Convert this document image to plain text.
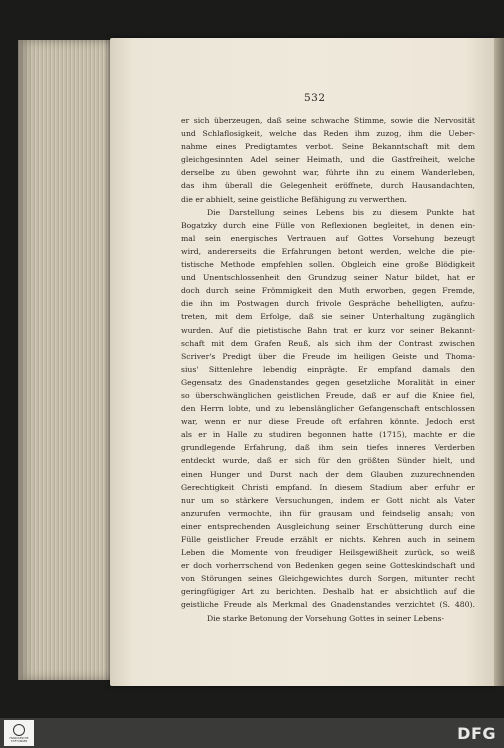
532
er sich überzeugen, daß seine schwache Stimme, sowie die Nervosität
und Schlaflosigkeit, welche das Reden ihm zuzog, ihm die Ueber-
nahme eines Predigtamtes verbot. Seine Bekanntschaft mit dem
gleichgesinnten Adel seiner Heimath, und die Gastfreiheit, welche
derselbe zu üben gewohnt war, führte ihn zu einem Wanderleben,
das ihm überall die Gelegenheit eröffnete, durch Hausandachten,
die er abhielt, seine geistliche Befähigung zu verwerthen.
Die Darstellung seines Lebens bis zu diesem Punkte hat
Bogatzky durch eine Fülle von Reflexionen begleitet, in denen ein-
mal sein energisches Vertrauen auf Gottes Vorsehung bezeugt
wird, andererseits die Erfahrungen betont werden, welche die pie-
tistische Methode empfehlen sollen. Obgleich eine große Blödigkeit
und Unentschlossenheit den Grundzug seiner Natur bildet, hat er
doch durch seine Frömmigkeit den Muth erworben, gegen Fremde,
die ihn im Postwagen durch frivole Gespräche behelligten, aufzu-
treten, mit dem Erfolge, daß sie seiner Unterhaltung zugänglich
wurden. Auf die pietistische Bahn trat er kurz vor seiner Bekannt-
schaft mit dem Grafen Reuß, als sich ihm der Contrast zwischen
Scriver's Predigt über die Freude im heiligen Geiste und Thoma-
sius' Sittenlehre lebendig einprägte. Er empfand damals den
Gegensatz des Gnadenstandes gegen gesetzliche Moralität in einer
so überschwänglichen geistlichen Freude, daß er auf die Kniee fiel,
den Herrn lobte, und zu lebenslänglicher Gefangenschaft entschlossen
war, wenn er nur diese Freude oft erfahren könnte. Jedoch erst
als er in Halle zu studiren begonnen hatte (1715), machte er die
grundlegende Erfahrung, daß ihm sein tiefes inneres Verderben
entdeckt wurde, daß er sich für den größten Sünder hielt, und
einen Hunger und Durst nach der dem Glauben zuzurechnenden
Gerechtigkeit Christi empfand. In diesem Stadium aber erfuhr er
nur um so stärkere Versuchungen, indem er Gott nicht als Vater
anzurufen vermochte, ihn für grausam und feindselig ansah; von
einer entsprechenden Ausgleichung seiner Erschütterung durch eine
Fülle geistlicher Freude erzählt er nichts. Kehren auch in seinem
Leben die Momente von freudiger Heilsgewißheit zurück, so weiß
er doch vorherrschend von Bedenken gegen seine Gotteskindschaft und
von Störungen seines Gleichgewichtes durch Sorgen, mitunter recht
geringfügiger Art zu berichten. Deshalb hat er absichtlich auf die
geistliche Freude als Merkmal des Gnadenstandes verzichtet (S. 480).
Die starke Betonung der Vorsehung Gottes in seiner Lebens-
FRANCKESCHE
STIFTUNGEN	DFG
